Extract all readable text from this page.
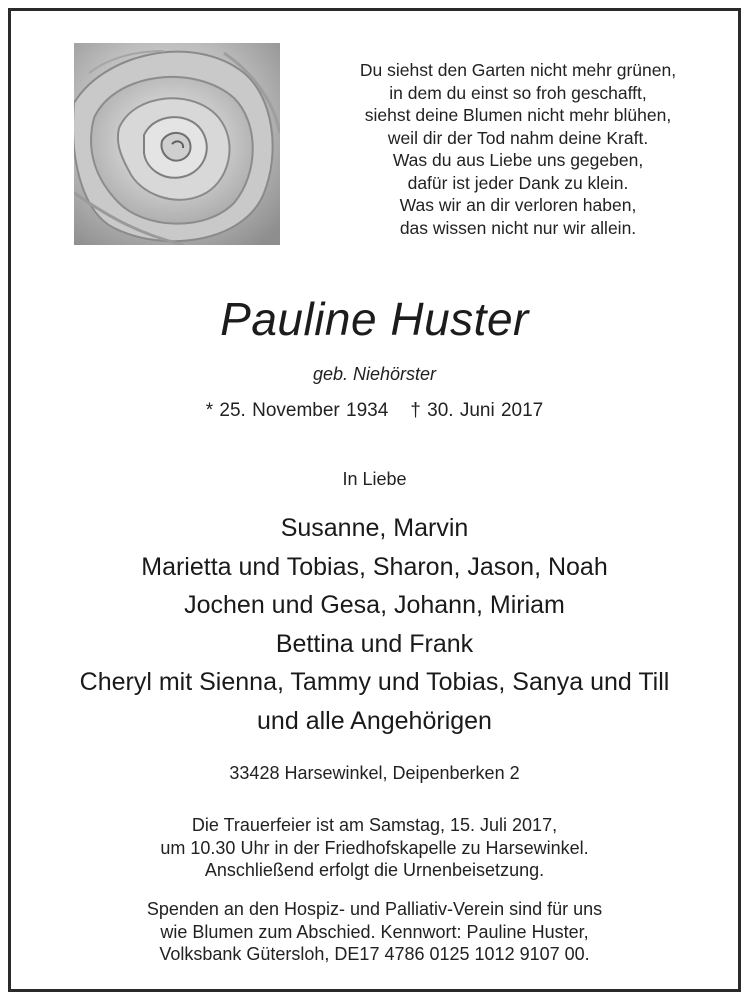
Du siehst den Garten nicht mehr grünen,
in dem du einst so froh geschafft,
siehst deine Blumen nicht mehr blühen,
weil dir der Tod nahm deine Kraft.
Was du aus Liebe uns gegeben,
dafür ist jeder Dank zu klein.
Was wir an dir verloren haben,
das wissen nicht nur wir allein.
Pauline Huster
geb. Niehörster
* 25. November 1934 † 30. Juni 2017
In Liebe
Susanne, Marvin
Marietta und Tobias, Sharon, Jason, Noah
Jochen und Gesa, Johann, Miriam
Bettina und Frank
Cheryl mit Sienna, Tammy und Tobias, Sanya und Till
und alle Angehörigen
33428 Harsewinkel, Deipenberken 2
Die Trauerfeier ist am Samstag, 15. Juli 2017,
um 10.30 Uhr in der Friedhofskapelle zu Harsewinkel.
Anschließend erfolgt die Urnenbeisetzung.
Spenden an den Hospiz- und Palliativ-Verein sind für uns
wie Blumen zum Abschied. Kennwort: Pauline Huster,
Volksbank Gütersloh, DE17 4786 0125 1012 9107 00.
